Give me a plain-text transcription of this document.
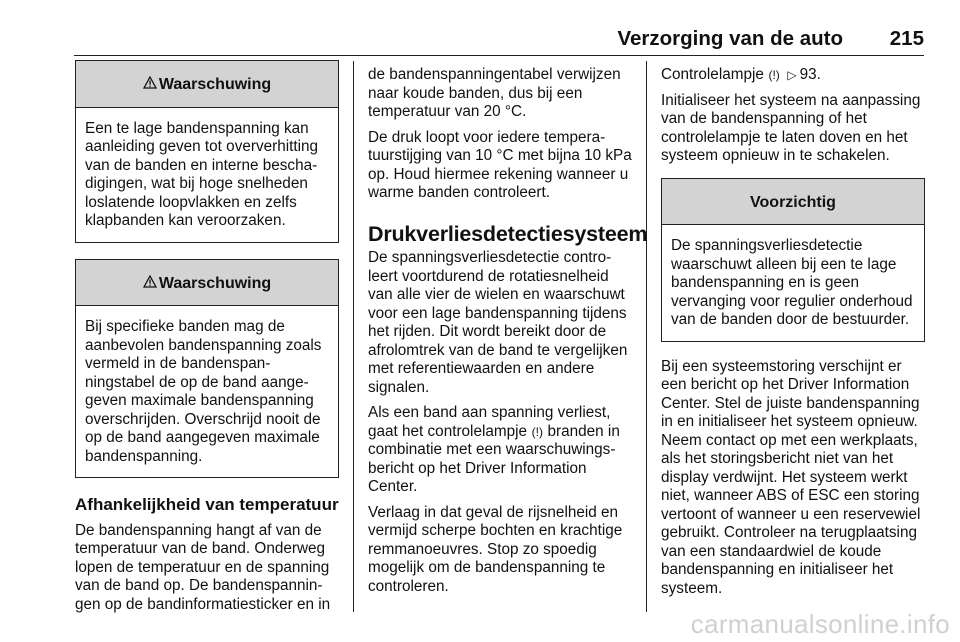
Verzorging van de auto 215
Waarschuwing

Een te lage bandenspanning kan aanleiding geven tot oververhitting van de banden en interne beschadigingen, wat bij hoge snelheden loslatende loopvlakken en zelfs klapbanden kan veroorzaken.

Waarschuwing

Bij specifieke banden mag de aanbevolen bandenspanning zoals vermeld in de bandenspanningstabel de op de band aangegeven maximale bandenspanning overschrijden. Overschrijd nooit de op de band aangegeven maximale bandenspanning.

Afhankelijkheid van temperatuur

De bandenspanning hangt af van de temperatuur van de band. Onderweg lopen de temperatuur en de spanning van de band op. De bandenspanningen op de bandinformatiesticker en in

de bandenspanningentabel verwijzen naar koude banden, dus bij een temperatuur van 20 °C.

De druk loopt voor iedere temperatuurstijging van 10 °C met bijna 10 kPa op. Houd hiermee rekening wanneer u warme banden controleert.

Drukverliesdetectiesysteem

De spanningsverliesdetectie controleert voortdurend de rotatiesnelheid van alle vier de wielen en waarschuwt voor een lage bandenspanning tijdens het rijden. Dit wordt bereikt door de afrolomtrek van de band te vergelijken met referentiewaarden en andere signalen.

Als een band aan spanning verliest, gaat het controlelampje (!) branden in combinatie met een waarschuwingsbericht op het Driver Information Center.

Verlaag in dat geval de rijsnelheid en vermijd scherpe bochten en krachtige remmanoeuvres. Stop zo spoedig mogelijk om de bandenspanning te controleren.

Controlelampje (!) ▷ 93.

Initialiseer het systeem na aanpassing van de bandenspanning of het controlelampje te laten doven en het systeem opnieuw in te schakelen.

Voorzichtig

De spanningsverliesdetectie waarschuwt alleen bij een te lage bandenspanning en is geen vervanging voor regulier onderhoud van de banden door de bestuurder.

Bij een systeemstoring verschijnt er een bericht op het Driver Information Center. Stel de juiste bandenspanning in en initialiseer het systeem opnieuw. Neem contact op met een werkplaats, als het storingsbericht niet van het display verdwijnt. Het systeem werkt niet, wanneer ABS of ESC een storing vertoont of wanneer u een reservewiel gebruikt. Controleer na terugplaatsing van een standaardwiel de koude bandenspanning en initialiseer het systeem.

carmanualsonline.info
